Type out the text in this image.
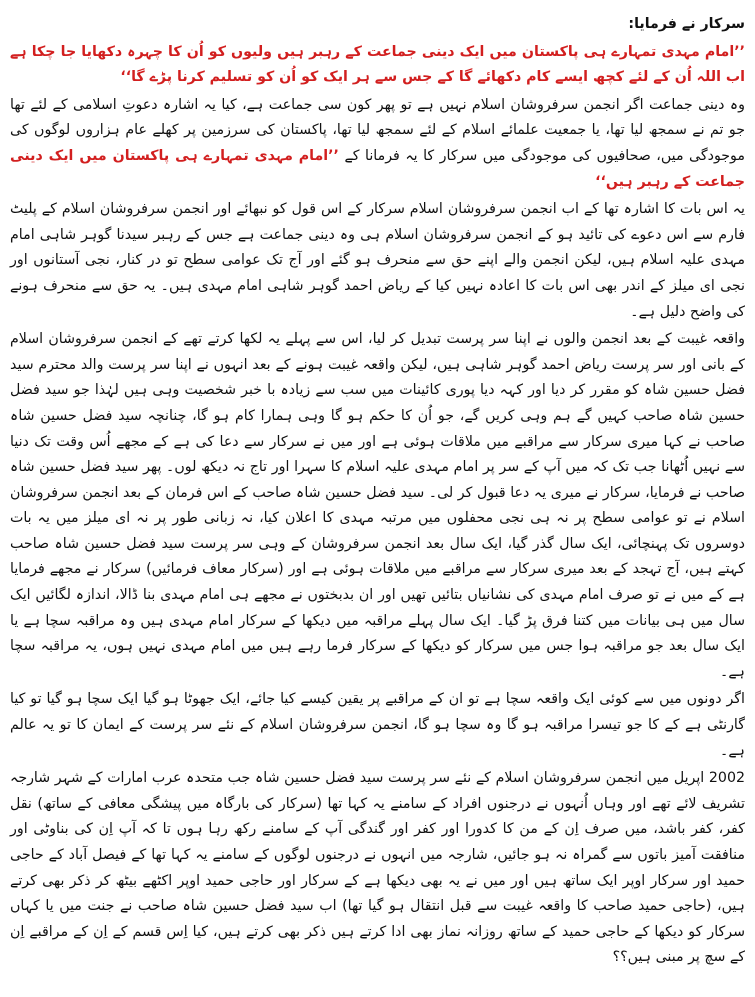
سرکار نے فرمایا:

’’امام مہدی تمہارے ہی پاکستان میں ایک دینی جماعت کے رہبر ہیں ولیوں کو اُن کا چہرہ دکھایا جا چکا ہے اب اللہ اُن کے لئے کچھ ایسے کام دکھائے گا کے جس سے ہر ایک کو اُن کو تسلیم کرنا پڑے گا‘‘

وہ دینی جماعت اگر انجمن سرفروشان اسلام نہیں ہے تو پھر کون سی جماعت ہے، کیا یہ اشارہ دعوتِ اسلامی کے لئے تھا جو تم نے سمجھ لیا تھا، یا جمعیت علمائے اسلام کے لئے سمجھ لیا تھا، پاکستان کی سرزمین پر کھلے عام ہزاروں لوگوں کی موجودگی میں، صحافیوں کی موجودگی میں سرکار کا یہ فرمانا کے ’’امام مہدی تمہارے ہی پاکستان میں ایک دینی جماعت کے رہبر ہیں‘‘

یہ اس بات کا اشارہ تھا کے اب انجمن سرفروشان اسلام سرکار کے اس قول کو نبھائے اور انجمن سرفروشان اسلام کے پلیٹ فارم سے اس دعوے کی تائید ہو کے انجمن سرفروشان اسلام ہی وہ دینی جماعت ہے جس کے رہبر سیدنا گوہر شاہی امام مہدی علیہ اسلام ہیں، لیکن انجمن والے اپنے حق سے منحرف ہو گئے اور آج تک عوامی سطح تو در کنار، نجی آستانوں اور نجی ای میلز کے اندر بھی اس بات کا اعادہ نہیں کیا کے ریاض احمد گوہر شاہی امام مہدی ہیں۔ یہ حق سے منحرف ہونے کی واضح دلیل ہے۔

واقعہ غیبت کے بعد انجمن والوں نے اپنا سر پرست تبدیل کر لیا، اس سے پہلے یہ لکھا کرتے تھے کے انجمن سرفروشان اسلام کے بانی اور سر پرست ریاض احمد گوہر شاہی ہیں، لیکن واقعہ غیبت ہونے کے بعد انہوں نے اپنا سر پرست والد محترم سید فضل حسین شاہ کو مقرر کر دیا اور کہہ دیا پوری کائینات میں سب سے زیادہ با خبر شخصیت وہی ہیں لہٰذا جو سید فضل حسین شاہ صاحب کہیں گے ہم وہی کریں گے، جو اُن کا حکم ہو گا وہی ہمارا کام ہو گا، چنانچہ سید فضل حسین شاہ صاحب نے کہا میری سرکار سے مراقبے میں ملاقات ہوئی ہے اور میں نے سرکار سے دعا کی ہے کے مجھے اُس وقت تک دنیا سے نہیں اُٹھانا جب تک کہ میں آپ کے سر پر امام مہدی علیہ اسلام کا سہرا اور تاج نہ دیکھ لوں۔ پھر سید فضل حسین شاہ صاحب نے فرمایا، سرکار نے میری یہ دعا قبول کر لی۔ سید فضل حسین شاہ صاحب کے اس فرمان کے بعد انجمن سرفروشان اسلام نے تو عوامی سطح پر نہ ہی نجی محفلوں میں مرتبہ مہدی کا اعلان کیا، نہ زبانی طور پر نہ ای میلز میں یہ بات دوسروں تک پہنچائی، ایک سال گذر گیا، ایک سال بعد انجمن سرفروشان کے وہی سر پرست سید فضل حسین شاہ صاحب کہتے ہیں، آج تہجد کے بعد میری سرکار سے مراقبے میں ملاقات ہوئی ہے اور (سرکار معاف فرمائیں) سرکار نے مجھے فرمایا ہے کے میں نے تو صرف امام مہدی کی نشانیاں بتائیں تھیں اور ان بدبختوں نے مجھے ہی امام مہدی بنا ڈالا، اندازہ لگائیں ایک سال میں ہی بیانات میں کتنا فرق پڑ گیا۔ ایک سال پہلے مراقبہ میں دیکھا کے سرکار امام مہدی ہیں وہ مراقبہ سچا ہے یا ایک سال بعد جو مراقبہ ہوا جس میں سرکار کو دیکھا کے سرکار فرما رہے ہیں میں امام مہدی نہیں ہوں، یہ مراقبہ سچا ہے۔

اگر دونوں میں سے کوئی ایک واقعہ سچا ہے تو ان کے مراقبے پر یقین کیسے کیا جائے، ایک جھوٹا ہو گیا ایک سچا ہو گیا تو کیا گارنٹی ہے کے کا جو تیسرا مراقبہ ہو گا وہ سچا ہو گا، انجمن سرفروشان اسلام کے نئے سر پرست کے ایمان کا تو یہ عالم ہے۔

2002 اپریل میں انجمن سرفروشان اسلام کے نئے سر پرست سید فضل حسین شاہ جب متحدہ عرب امارات کے شہر شارجہ تشریف لائے تھے اور وہاں اُنہوں نے درجنوں افراد کے سامنے یہ کہا تھا (سرکار کی بارگاہ میں پیشگی معافی کے ساتھ) نقل کفر، کفر باشد، میں صرف اِن کے من کا کدورا اور کفر اور گندگی آپ کے سامنے رکھ رہا ہوں تا کہ آپ اِن کی بناوٹی اور منافقت آمیز باتوں سے گمراہ نہ ہو جائیں، شارجہ میں انہوں نے درجنوں لوگوں کے سامنے یہ کہا تھا کے فیصل آباد کے حاجی حمید اور سرکار اوپر ایک ساتھ ہیں اور میں نے یہ بھی دیکھا ہے کے سرکار اور حاجی حمید اوپر اکٹھے بیٹھ کر ذکر بھی کرتے ہیں، (حاجی حمید صاحب کا واقعہ غیبت سے قبل انتقال ہو گیا تھا) اب سید فضل حسین شاہ صاحب نے جنت میں یا کہاں سرکار کو دیکھا کے حاجی حمید کے ساتھ روزانہ نماز بھی ادا کرتے ہیں ذکر بھی کرتے ہیں، کیا اِس قسم کے اِن کے مراقبے اِن کے سچ پر مبنی ہیں؟؟
